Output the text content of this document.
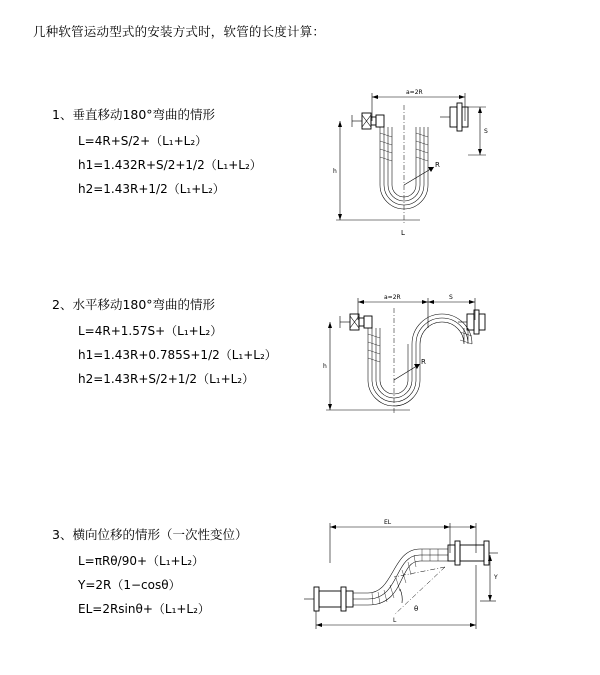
几种软管运动型式的安装方式时，软管的长度计算：
1、垂直移动180°弯曲的情形
L=4R+S/2+（L₁+L₂）
h1=1.432R+S/2+1/2（L₁+L₂）
h2=1.43R+1/2（L₁+L₂）
a=2R
R
h
S
L
2、水平移动180°弯曲的情形
L=4R+1.57S+（L₁+L₂）
h1=1.43R+0.785S+1/2（L₁+L₂）
h2=1.43R+S/2+1/2（L₁+L₂）
a=2R	S
R
h
3、横向位移的情形（一次性变位）
L=πRθ/90+（L₁+L₂）
Y=2R（1−cosθ）
EL=2Rsinθ+（L₁+L₂）
EL
θ
Y
L
